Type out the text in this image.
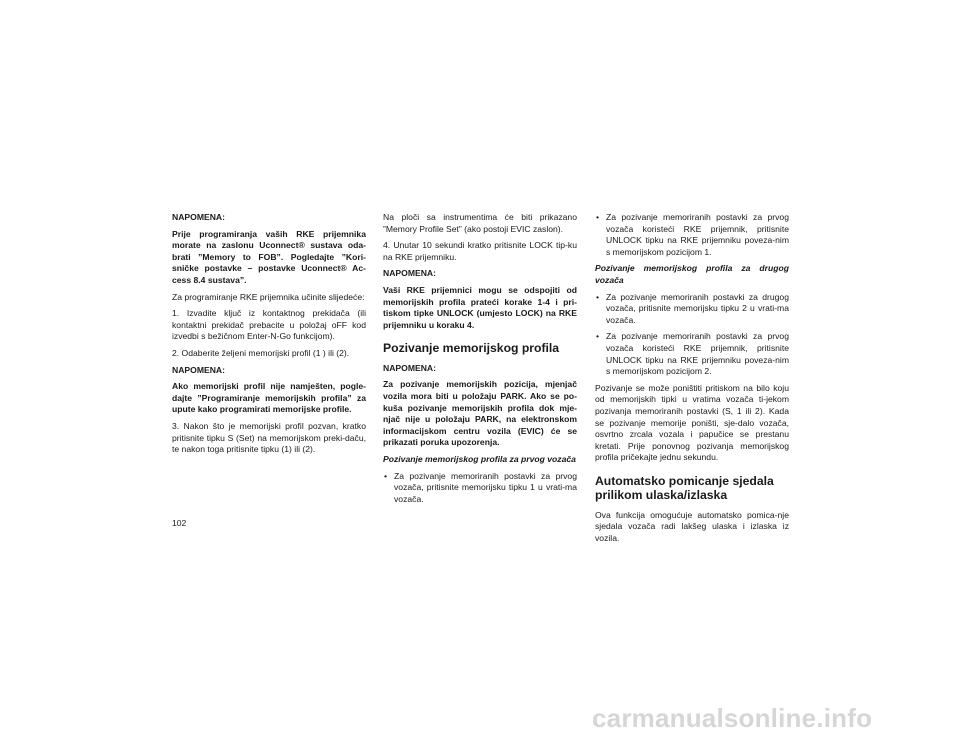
NAPOMENA:

Prije programiranja vaših RKE prijemnika morate na zaslonu Uconnect® sustava oda-brati ”Memory to FOB”. Pogledajte ”Kori-sničke postavke – postavke Uconnect® Ac-cess 8.4 sustava”.

Za programiranje RKE prijemnika učinite slijedeće:

1. Izvadite ključ iz kontaktnog prekidača (ili kontaktni prekidač prebacite u položaj oFF kod izvedbi s bežičnom Enter-N-Go funkcijom).

2. Odaberite željeni memorijski profil (1 ) ili (2).

NAPOMENA:

Ako memorijski profil nije namješten, pogle-dajte ”Programiranje memorijskih profila” za upute kako programirati memorijske profile.

3. Nakon što je memorijski profil pozvan, kratko pritisnite tipku S (Set) na memorijskom preki-daču, te nakon toga pritisnite tipku (1) ili (2).

Na ploči sa instrumentima će biti prikazano ”Memory Profile Set” (ako postoji EVIC zaslon).

4. Unutar 10 sekundi kratko pritisnite LOCK tip-ku na RKE prijemniku.

NAPOMENA:

Vaši RKE prijemnici mogu se odspojiti od memorijskih profila prateći korake 1-4 i pri-tiskom tipke UNLOCK (umjesto LOCK) na RKE prijemniku u koraku 4.

Pozivanje memorijskog profila

NAPOMENA:

Za pozivanje memorijskih pozicija, mjenjač vozila mora biti u položaju PARK. Ako se po-kuša pozivanje memorijskih profila dok mje-njač nije u položaju PARK, na elektronskom informacijskom centru vozila (EVIC) će se prikazati poruka upozorenja.

Pozivanje memorijskog profila za prvog vozača

• Za pozivanje memoriranih postavki za prvog vozača, pritisnite memorijsku tipku 1 u vrati-ma vozača.
• Za pozivanje memoriranih postavki za prvog vozača koristeći RKE prijemnik, pritisnite UNLOCK tipku na RKE prijemniku poveza-nim s memorijskom pozicijom 1.

Pozivanje memorijskog profila za drugog vozača

• Za pozivanje memoriranih postavki za drugog vozača, pritisnite memorijsku tipku 2 u vrati-ma vozača.
• Za pozivanje memoriranih postavki za prvog vozača koristeći RKE prijemnik, pritisnite UNLOCK tipku na RKE prijemniku poveza-nim s memorijskom pozicijom 2.

Pozivanje se može poništiti pritiskom na bilo koju od memorijskih tipki u vratima vozača ti-jekom pozivanja memoriranih postavki (S, 1 ili 2). Kada se pozivanje memorije poništi, sje-dalo vozača, osvrtno zrcala vozala i papučice se prestanu kretati. Prije ponovnog pozivanja memorijskog profila pričekajte jednu sekundu.

Automatsko pomicanje sjedala prilikom ulaska/izlaska

Ova funkcija omogućuje automatsko pomica-nje sjedala vozača radi lakšeg ulaska i izlaska iz vozila.

102
carmanualsonline.info
